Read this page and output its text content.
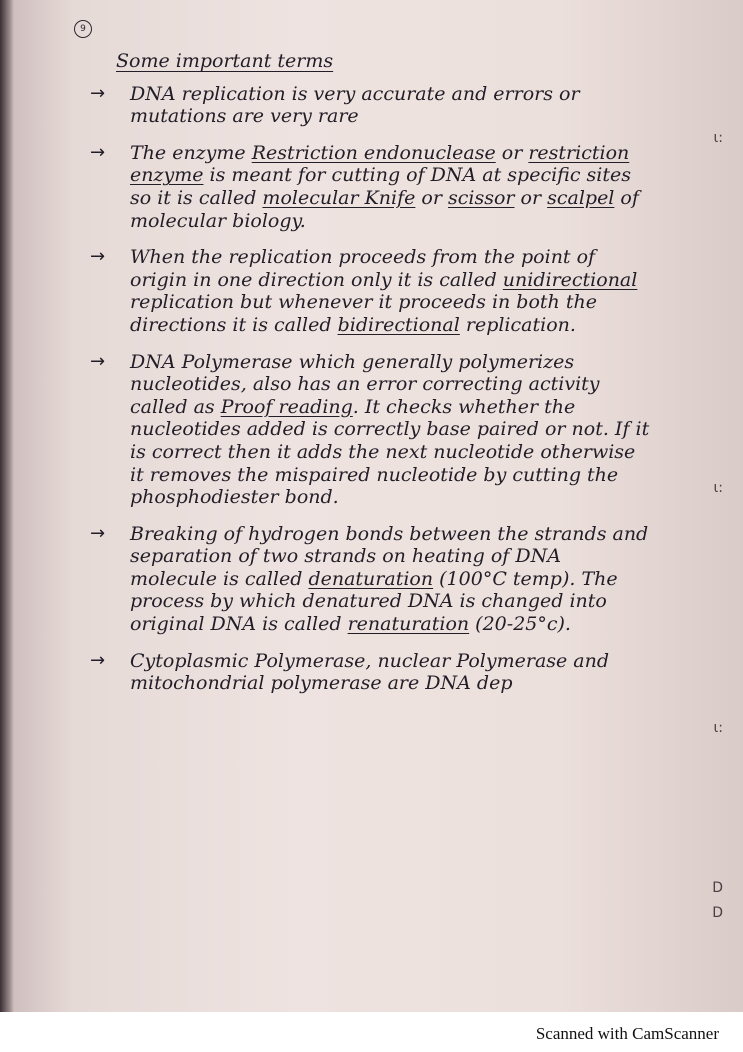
9
Some important terms
→ DNA replication is very accurate and errors or mutations are very rare

→ The enzyme Restriction endonuclease or restriction enzyme is meant for cutting of DNA at specific sites so it is called molecular Knife or scissor or scalpel of molecular biology.

→ When the replication proceeds from the point of origin in one direction only it is called unidirectional replication but whenever it proceeds in both the directions it is called bidirectional replication.

→ DNA Polymerase which generally polymerizes nucleotides, also has an error correcting activity called as Proof reading. It checks whether the nucleotides added is correctly base paired or not. If it is correct then it adds the next nucleotide otherwise it removes the mispaired nucleotide by cutting the phosphodiester bond.

→ Breaking of hydrogen bonds between the strands and separation of two strands on heating of DNA molecule is called denaturation (100°C temp). The process by which denatured DNA is changed into original DNA is called renaturation (20-25°c).

→ Cytoplasmic Polymerase, nuclear Polymerase and mitochondrial polymerase are DNA dep

ι:
ι:
ι:
D
D
Scanned with CamScanner
